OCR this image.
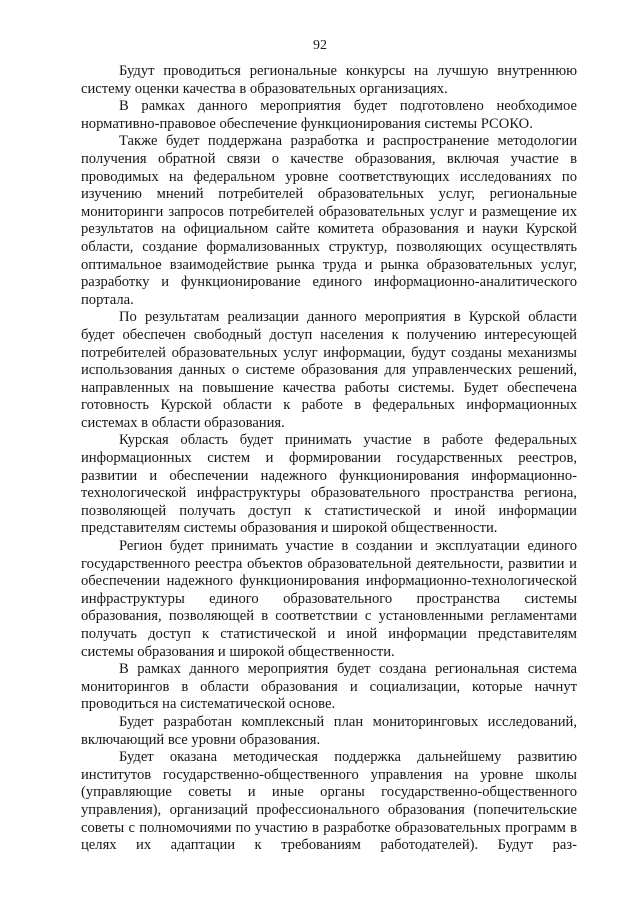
92

Будут проводиться региональные конкурсы на лучшую внутреннюю систему оценки качества в образовательных организациях.

В рамках данного мероприятия будет подготовлено необходимое нормативно-правовое обеспечение функционирования системы РСОКО.

Также будет поддержана разработка и распространение методологии получения обратной связи о качестве образования, включая участие в проводимых на федеральном уровне соответствующих исследованиях по изучению мнений потребителей образовательных услуг, региональные мониторинги запросов потребителей образовательных услуг и размещение их результатов на официальном сайте комитета образования и науки Курской области, создание формализованных структур, позволяющих осуществлять оптимальное взаимодействие рынка труда и рынка образовательных услуг, разработку и функционирование единого информационно-аналитического портала.

По результатам реализации данного мероприятия в Курской области будет обеспечен свободный доступ населения к получению интересующей потребителей образовательных услуг информации, будут созданы механизмы использования данных о системе образования для управленческих решений, направленных на повышение качества работы системы. Будет обеспечена готовность Курской области к работе в федеральных информационных системах в области образования.

Курская область будет принимать участие в работе федеральных информационных систем и формировании государственных реестров, развитии и обеспечении надежного функционирования информационно-технологической инфраструктуры образовательного пространства региона, позволяющей получать доступ к статистической и иной информации представителям системы образования и широкой общественности.

Регион будет принимать участие в создании и эксплуатации единого государственного реестра объектов образовательной деятельности, развитии и обеспечении надежного функционирования информационно-технологической инфраструктуры единого образовательного пространства системы образования, позволяющей в соответствии с установленными регламентами получать доступ к статистической и иной информации представителям системы образования и широкой общественности.

В рамках данного мероприятия будет создана региональная система мониторингов в области образования и социализации, которые начнут проводиться на систематической основе.

Будет разработан комплексный план мониторинговых исследований, включающий все уровни образования.

Будет оказана методическая поддержка дальнейшему развитию институтов государственно-общественного управления на уровне школы (управляющие советы и иные органы государственно-общественного управления), организаций профессионального образования (попечительские советы с полномочиями по участию в разработке образовательных программ в целях их адаптации к требованиям работодателей). Будут раз-
